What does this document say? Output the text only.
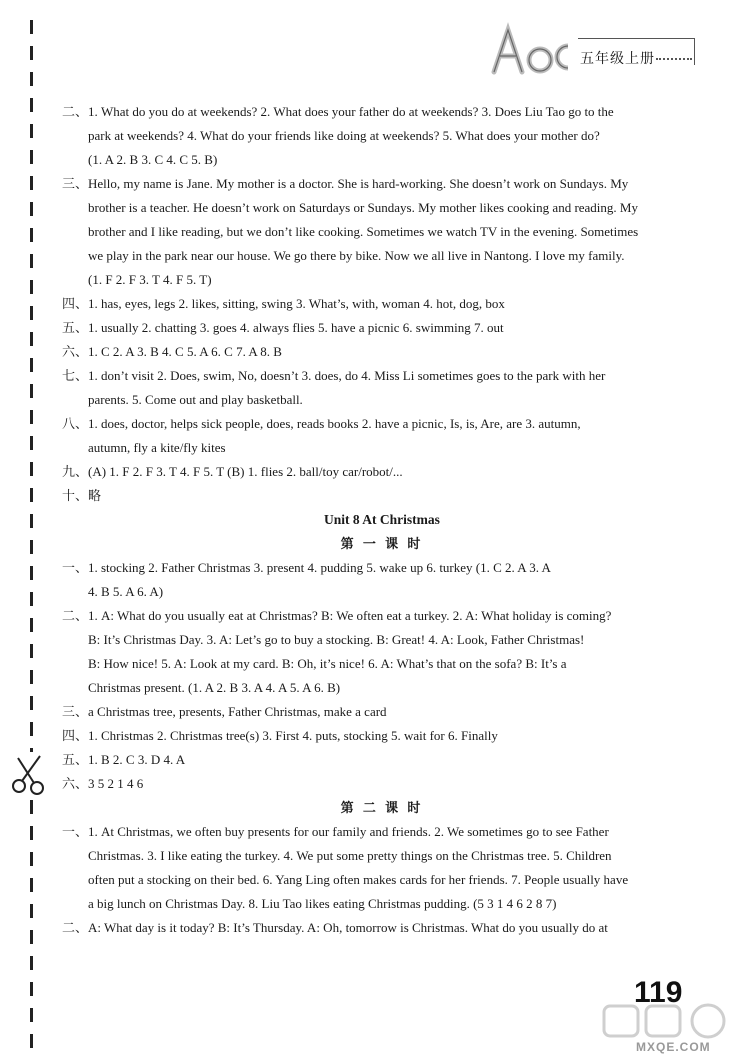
五年级上册

二、1. What do you do at weekends? 2. What does your father do at weekends? 3. Does Liu Tao go to the

park at weekends? 4. What do your friends like doing at weekends? 5. What does your mother do?

(1. A 2. B 3. C 4. C 5. B)

三、Hello, my name is Jane. My mother is a doctor. She is hard-working. She doesn’t work on Sundays. My

brother is a teacher. He doesn’t work on Saturdays or Sundays. My mother likes cooking and reading. My

brother and I like reading, but we don’t like cooking. Sometimes we watch TV in the evening. Sometimes

we play in the park near our house. We go there by bike. Now we all live in Nantong. I love my family.

(1. F 2. F 3. T 4. F 5. T)

四、1. has, eyes, legs 2. likes, sitting, swing 3. What’s, with, woman 4. hot, dog, box

五、1. usually 2. chatting 3. goes 4. always flies 5. have a picnic 6. swimming 7. out

六、1. C 2. A 3. B 4. C 5. A 6. C 7. A 8. B

七、1. don’t visit 2. Does, swim, No, doesn’t 3. does, do 4. Miss Li sometimes goes to the park with her

parents. 5. Come out and play basketball.

八、1. does, doctor, helps sick people, does, reads books 2. have a picnic, Is, is, Are, are 3. autumn,

autumn, fly a kite/fly kites

九、(A) 1. F 2. F 3. T 4. F 5. T (B) 1. flies 2. ball/toy car/robot/...

十、略

Unit 8 At Christmas

第 一 课 时

一、1. stocking 2. Father Christmas 3. present 4. pudding 5. wake up 6. turkey (1. C 2. A 3. A

4. B 5. A 6. A)

二、1. A: What do you usually eat at Christmas? B: We often eat a turkey. 2. A: What holiday is coming?

B: It’s Christmas Day. 3. A: Let’s go to buy a stocking. B: Great! 4. A: Look, Father Christmas!

B: How nice! 5. A: Look at my card. B: Oh, it’s nice! 6. A: What’s that on the sofa? B: It’s a

Christmas present. (1. A 2. B 3. A 4. A 5. A 6. B)

三、a Christmas tree, presents, Father Christmas, make a card

四、1. Christmas 2. Christmas tree(s) 3. First 4. puts, stocking 5. wait for 6. Finally

五、1. B 2. C 3. D 4. A

六、3 5 2 1 4 6

第 二 课 时

一、1. At Christmas, we often buy presents for our family and friends. 2. We sometimes go to see Father

Christmas. 3. I like eating the turkey. 4. We put some pretty things on the Christmas tree. 5. Children

often put a stocking on their bed. 6. Yang Ling often makes cards for her friends. 7. People usually have

a big lunch on Christmas Day. 8. Liu Tao likes eating Christmas pudding. (5 3 1 4 6 2 8 7)

二、A: What day is it today? B: It’s Thursday. A: Oh, tomorrow is Christmas. What do you usually do at

119
MXQE.COM
